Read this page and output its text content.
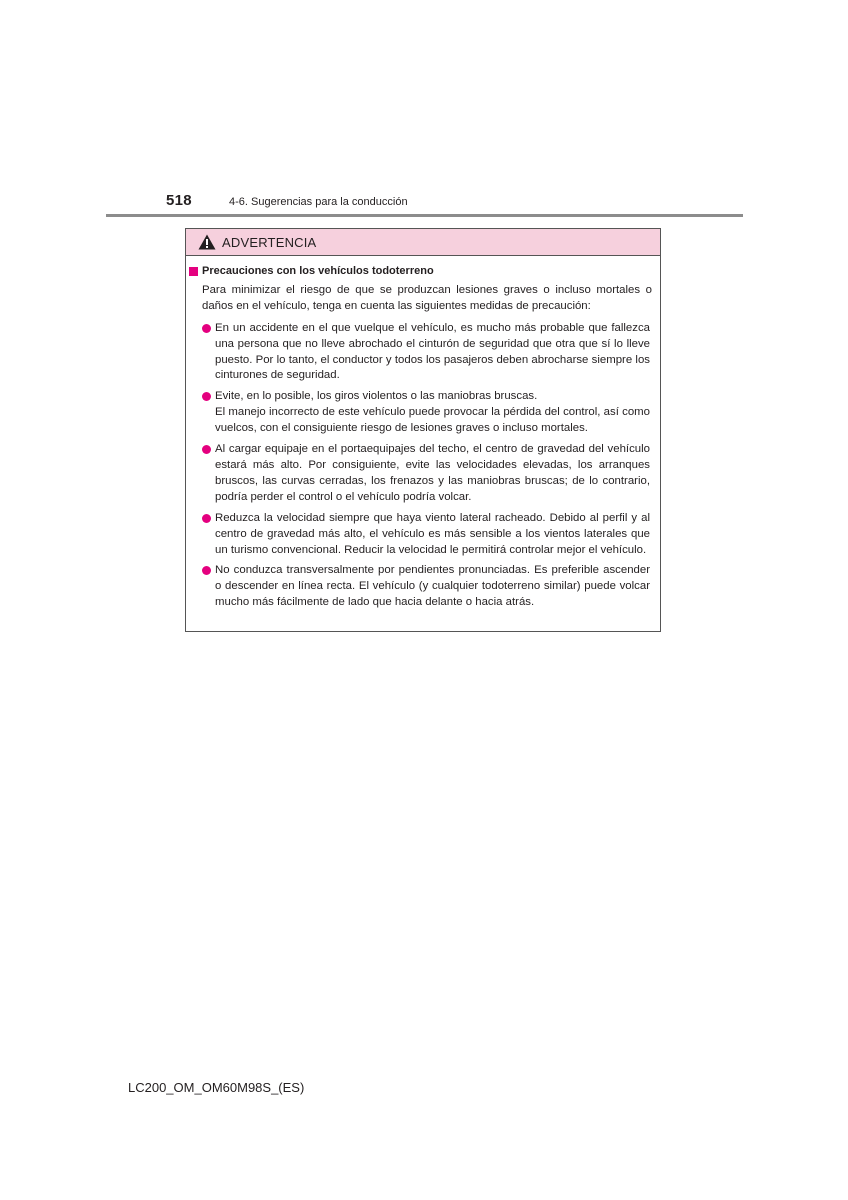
518	4-6. Sugerencias para la conducción
ADVERTENCIA
Precauciones con los vehículos todoterreno
Para minimizar el riesgo de que se produzcan lesiones graves o incluso mortales o daños en el vehículo, tenga en cuenta las siguientes medidas de precaución:

En un accidente en el que vuelque el vehículo, es mucho más probable que fallezca una persona que no lleve abrochado el cinturón de seguridad que otra que sí lo lleve puesto. Por lo tanto, el conductor y todos los pasajeros deben abrocharse siempre los cinturones de seguridad.

Evite, en lo posible, los giros violentos o las maniobras bruscas.

El manejo incorrecto de este vehículo puede provocar la pérdida del control, así como vuelcos, con el consiguiente riesgo de lesiones graves o incluso mortales.

Al cargar equipaje en el portaequipajes del techo, el centro de gravedad del vehículo estará más alto. Por consiguiente, evite las velocidades elevadas, los arranques bruscos, las curvas cerradas, los frenazos y las maniobras bruscas; de lo contrario, podría perder el control o el vehículo podría volcar.

Reduzca la velocidad siempre que haya viento lateral racheado. Debido al perfil y al centro de gravedad más alto, el vehículo es más sensible a los vientos laterales que un turismo convencional. Reducir la velocidad le permitirá controlar mejor el vehículo.

No conduzca transversalmente por pendientes pronunciadas. Es preferible ascender o descender en línea recta. El vehículo (y cualquier todoterreno similar) puede volcar mucho más fácilmente de lado que hacia delante o hacia atrás.

LC200_OM_OM60M98S_(ES)
